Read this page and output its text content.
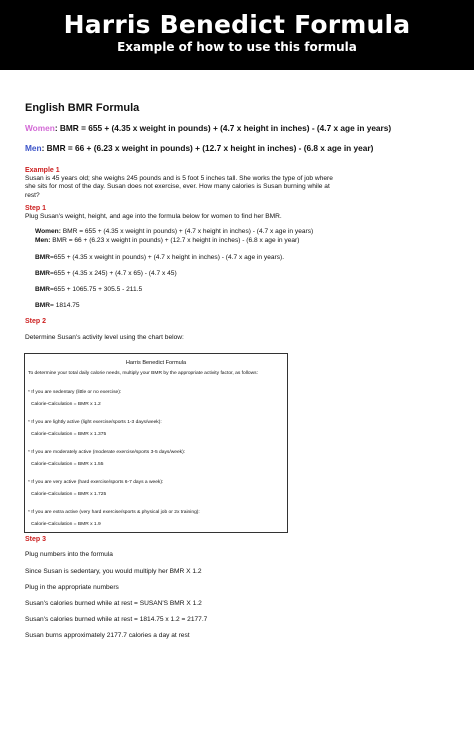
Harris Benedict Formula
Example of how to use this formula
English BMR Formula
Women: BMR = 655 + (4.35 x weight in pounds) + (4.7 x height in inches) - (4.7 x age in years)
Men: BMR = 66 + (6.23 x weight in pounds) + (12.7 x height in inches) - (6.8 x age in year)
Example 1
Susan is 45 years old; she weighs 245 pounds and is 5 foot 5 inches tall. She works the type of job where she sits for most of the day. Susan does not exercise, ever. How many calories is Susan burning while at rest?
Step 1
Plug Susan's weight, height, and age into the formula below for women to find her BMR.
Women: BMR = 655 + (4.35 x weight in pounds) + (4.7 x height in inches) - (4.7 x age in years)
Men: BMR = 66 + (6.23 x weight in pounds) + (12.7 x height in inches) - (6.8 x age in year)
BMR=655 + (4.35 x weight in pounds) + (4.7 x height in inches) - (4.7 x age in years).
BMR=655 + (4.35 x 245) + (4.7 x 65) - (4.7 x 45)
BMR=655 + 1065.75 + 305.5 - 211.5
BMR= 1814.75
Step 2
Determine Susan's activity level using the chart below:
Harris Benedict Formula
To determine your total daily calorie needs, multiply your BMR by the appropriate activity factor, as follows:
* If you are sedentary (little or no exercise):
Calorie-Calculation = BMR x 1.2
* If you are lightly active (light exercise/sports 1-3 days/week):
Calorie-Calculation = BMR x 1.375
* If you are moderately active (moderate exercise/sports 3-5 days/week):
Calorie-Calculation = BMR x 1.55
* If you are very active (hard exercise/sports 6-7 days a week):
Calorie-Calculation = BMR x 1.725
* If you are extra active (very hard exercise/sports & physical job or 2x training):
Calorie-Calculation = BMR x 1.9
Step 3
Plug numbers into the formula
Since Susan is sedentary, you would multiply her BMR X 1.2
Plug in the appropriate numbers
Susan's calories burned while at rest = SUSAN'S BMR X 1.2
Susan's calories burned while at rest = 1814.75 x 1.2 = 2177.7
Susan burns approximately 2177.7 calories a day at rest
